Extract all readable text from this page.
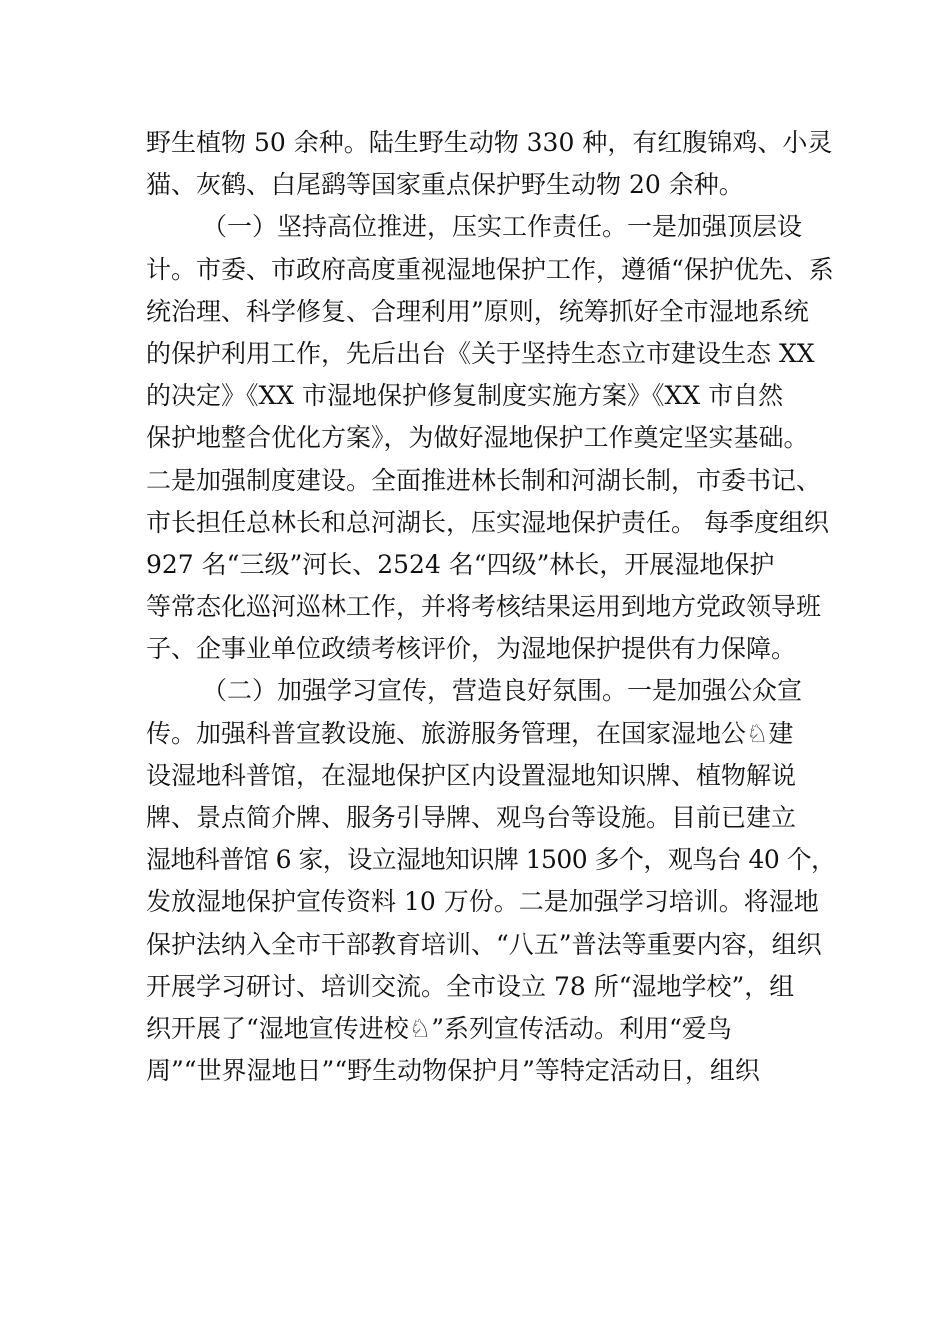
野生植物 50 余种。陆生野生动物 330 种，有红腹锦鸡、小灵
猫、灰鹤、白尾鹞等国家重点保护野生动物 20 余种。
（一）坚持高位推进，压实工作责任。一是加强顶层设
计。市委、市政府高度重视湿地保护工作，遵循“保护优先、系
统治理、科学修复、合理利用”原则，统筹抓好全市湿地系统
的保护利用工作，先后出台《关于坚持生态立市建设生态 XX
的决定》《XX 市湿地保护修复制度实施方案》《XX 市自然
保护地整合优化方案》，为做好湿地保护工作奠定坚实基础。
二是加强制度建设。全面推进林长制和河湖长制，市委书记、
市长担任总林长和总河湖长，压实湿地保护责任。 每季度组织
927 名“三级”河长、2524 名“四级”林长，开展湿地保护
等常态化巡河巡林工作，并将考核结果运用到地方党政领导班
子、企事业单位政绩考核评价，为湿地保护提供有力保障。
（二）加强学习宣传，营造良好氛围。一是加强公众宣
传。加强科普宣教设施、旅游服务管理，在国家湿地公♘建
设湿地科普馆，在湿地保护区内设置湿地知识牌、植物解说
牌、景点简介牌、服务引导牌、观鸟台等设施。目前已建立
湿地科普馆 6 家，设立湿地知识牌 1500 多个，观鸟台 40 个，
发放湿地保护宣传资料 10 万份。二是加强学习培训。将湿地
保护法纳入全市干部教育培训、“八五”普法等重要内容，组织
开展学习研讨、培训交流。全市设立 78 所“湿地学校”，组
织开展了“湿地宣传进校♘”系列宣传活动。利用“爱鸟
周”“世界湿地日”“野生动物保护月”等特定活动日，组织
